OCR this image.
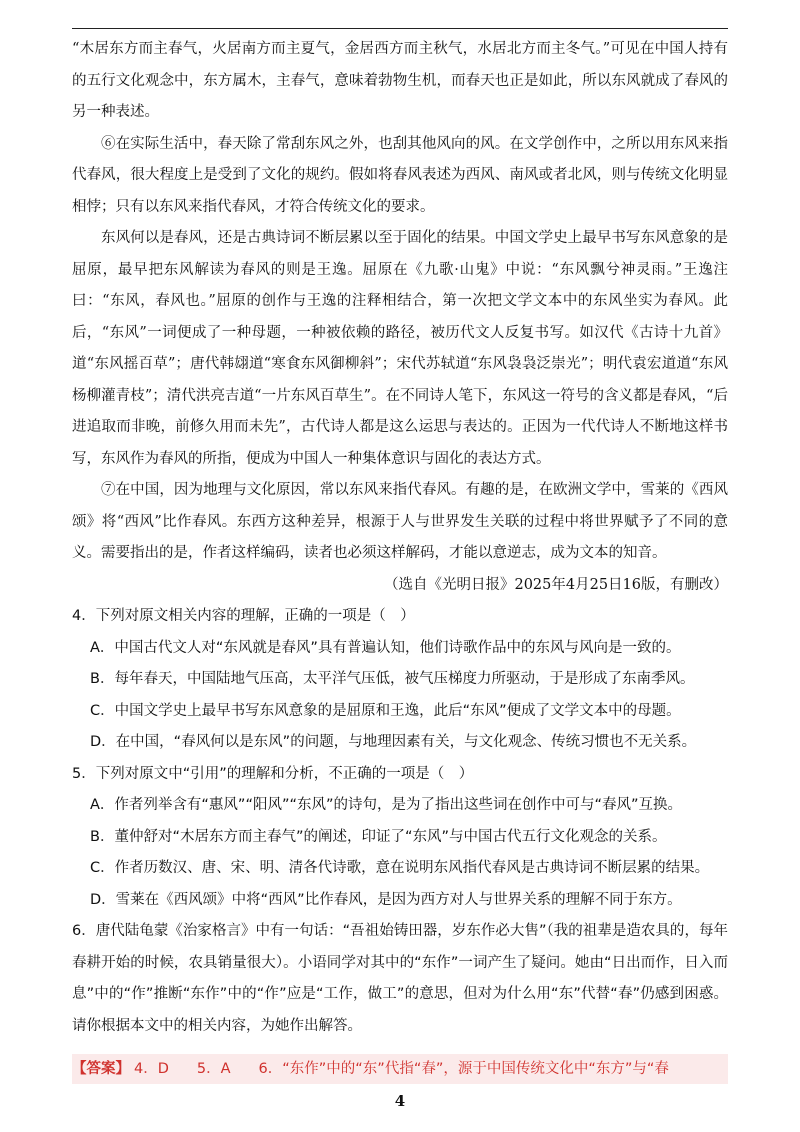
“木居东方而主春气，火居南方而主夏气，金居西方而主秋气，水居北方而主冬气。”可见在中国人持有的五行文化观念中，东方属木，主春气，意味着勃物生机，而春天也正是如此，所以东风就成了春风的另一种表述。

⑥在实际生活中，春天除了常刮东风之外，也刮其他风向的风。在文学创作中，之所以用东风来指代春风，很大程度上是受到了文化的规约。假如将春风表述为西风、南风或者北风，则与传统文化明显相悖；只有以东风来指代春风，才符合传统文化的要求。

东风何以是春风，还是古典诗词不断层累以至于固化的结果。中国文学史上最早书写东风意象的是屈原，最早把东风解读为春风的则是王逸。屈原在《九歌·山鬼》中说：“东风飘兮神灵雨。”王逸注曰：“东风，春风也。”屈原的创作与王逸的注释相结合，第一次把文学文本中的东风坐实为春风。此后，“东风”一词便成了一种母题，一种被依赖的路径，被历代文人反复书写。如汉代《古诗十九首》道“东风摇百草”；唐代韩翃道“寒食东风御柳斜”；宋代苏轼道“东风袅袅泛崇光”；明代袁宏道道“东风杨柳灌青枝”；清代洪亮吉道“一片东风百草生”。在不同诗人笔下，东风这一符号的含义都是春风，“后进追取而非晚，前修久用而未先”，古代诗人都是这么运思与表达的。正因为一代代诗人不断地这样书写，东风作为春风的所指，便成为中国人一种集体意识与固化的表达方式。

⑦在中国，因为地理与文化原因，常以东风来指代春风。有趣的是，在欧洲文学中，雪莱的《西风颂》将“西风”比作春风。东西方这种差异，根源于人与世界发生关联的过程中将世界赋予了不同的意义。需要指出的是，作者这样编码，读者也必须这样解码，才能以意逆志，成为文本的知音。

（选自《光明日报》2025年4月25日16版，有删改）

4．下列对原文相关内容的理解，正确的一项是（　）

A．中国古代文人对“东风就是春风”具有普遍认知，他们诗歌作品中的东风与风向是一致的。

B．每年春天，中国陆地气压高，太平洋气压低，被气压梯度力所驱动，于是形成了东南季风。

C．中国文学史上最早书写东风意象的是屈原和王逸，此后“东风”便成了文学文本中的母题。

D．在中国，“春风何以是东风”的问题，与地理因素有关，与文化观念、传统习惯也不无关系。

5．下列对原文中“引用”的理解和分析，不正确的一项是（　）

A．作者列举含有“惠风”“阳风”“东风”的诗句，是为了指出这些词在创作中可与“春风”互换。

B．董仲舒对“木居东方而主春气”的阐述，印证了“东风”与中国古代五行文化观念的关系。

C．作者历数汉、唐、宋、明、清各代诗歌，意在说明东风指代春风是古典诗词不断层累的结果。

D．雪莱在《西风颂》中将“西风”比作春风，是因为西方对人与世界关系的理解不同于东方。

6．唐代陆龟蒙《治家格言》中有一句话：“吾祖始铸田器，岁东作必大售”（我的祖辈是造农具的，每年春耕开始的时候，农具销量很大）。小语同学对其中的“东作”一词产生了疑问。她由“日出而作，日入而息”中的“作”推断“东作”中的“作”应是“工作，做工”的意思，但对为什么用“东”代替“春”仍感到困惑。请你根据本文中的相关内容，为她作出解答。

【答案】 4．D 5．A 6．“东作”中的“东”代指“春”，源于中国传统文化中“东方”与“春
4
